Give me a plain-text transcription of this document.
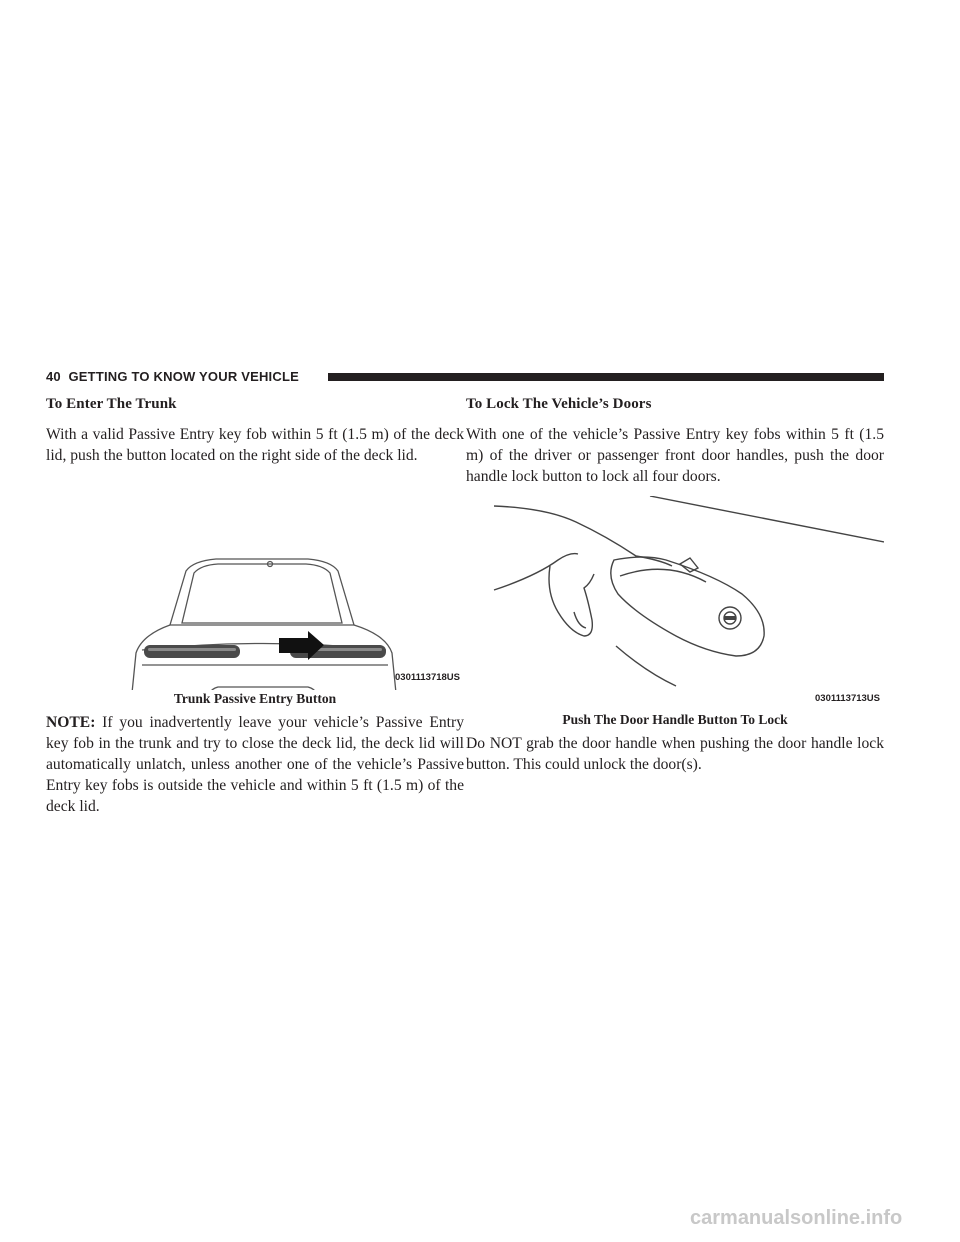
40 GETTING TO KNOW YOUR VEHICLE
To Enter The Trunk

With a valid Passive Entry key fob within 5 ft (1.5 m) of the deck lid, push the button located on the right side of the deck lid.

0301113718US
Trunk Passive Entry Button

NOTE: If you inadvertently leave your vehicle’s Passive Entry key fob in the trunk and try to close the deck lid, the deck lid will automatically unlatch, unless another one of the vehicle’s Passive Entry key fobs is outside the vehicle and within 5 ft (1.5 m) of the deck lid.

To Lock The Vehicle’s Doors

With one of the vehicle’s Passive Entry key fobs within 5 ft (1.5 m) of the driver or passenger front door handles, push the door handle lock button to lock all four doors.

0301113713US
Push The Door Handle Button To Lock

Do NOT grab the door handle when pushing the door handle lock button. This could unlock the door(s).

carmanualsonline.info
